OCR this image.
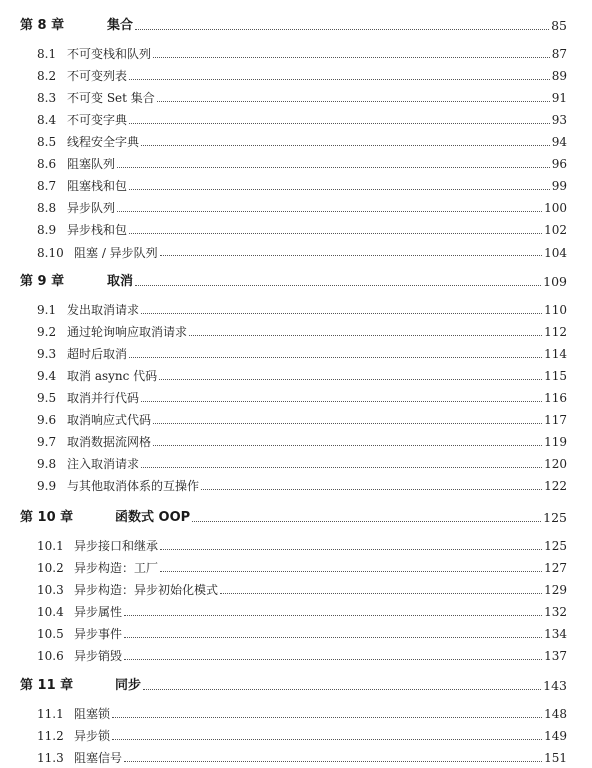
第 8 章	集合	85
8.1 不可变栈和队列	87
8.2 不可变列表	89
8.3 不可变 Set 集合	91
8.4 不可变字典	93
8.5 线程安全字典	94
8.6 阻塞队列	96
8.7 阻塞栈和包	99
8.8 异步队列	100
8.9 异步栈和包	102
8.10 阻塞 / 异步队列	104
第 9 章	取消	109
9.1 发出取消请求	110
9.2 通过轮询响应取消请求	112
9.3 超时后取消	114
9.4 取消 async 代码	115
9.5 取消并行代码	116
9.6 取消响应式代码	117
9.7 取消数据流网格	119
9.8 注入取消请求	120
9.9 与其他取消体系的互操作	122
第 10 章	函数式 OOP	125
10.1 异步接口和继承	125
10.2 异步构造：工厂	127
10.3 异步构造：异步初始化模式	129
10.4 异步属性	132
10.5 异步事件	134
10.6 异步销毁	137
第 11 章	同步	143
11.1 阻塞锁	148
11.2 异步锁	149
11.3 阻塞信号	151
